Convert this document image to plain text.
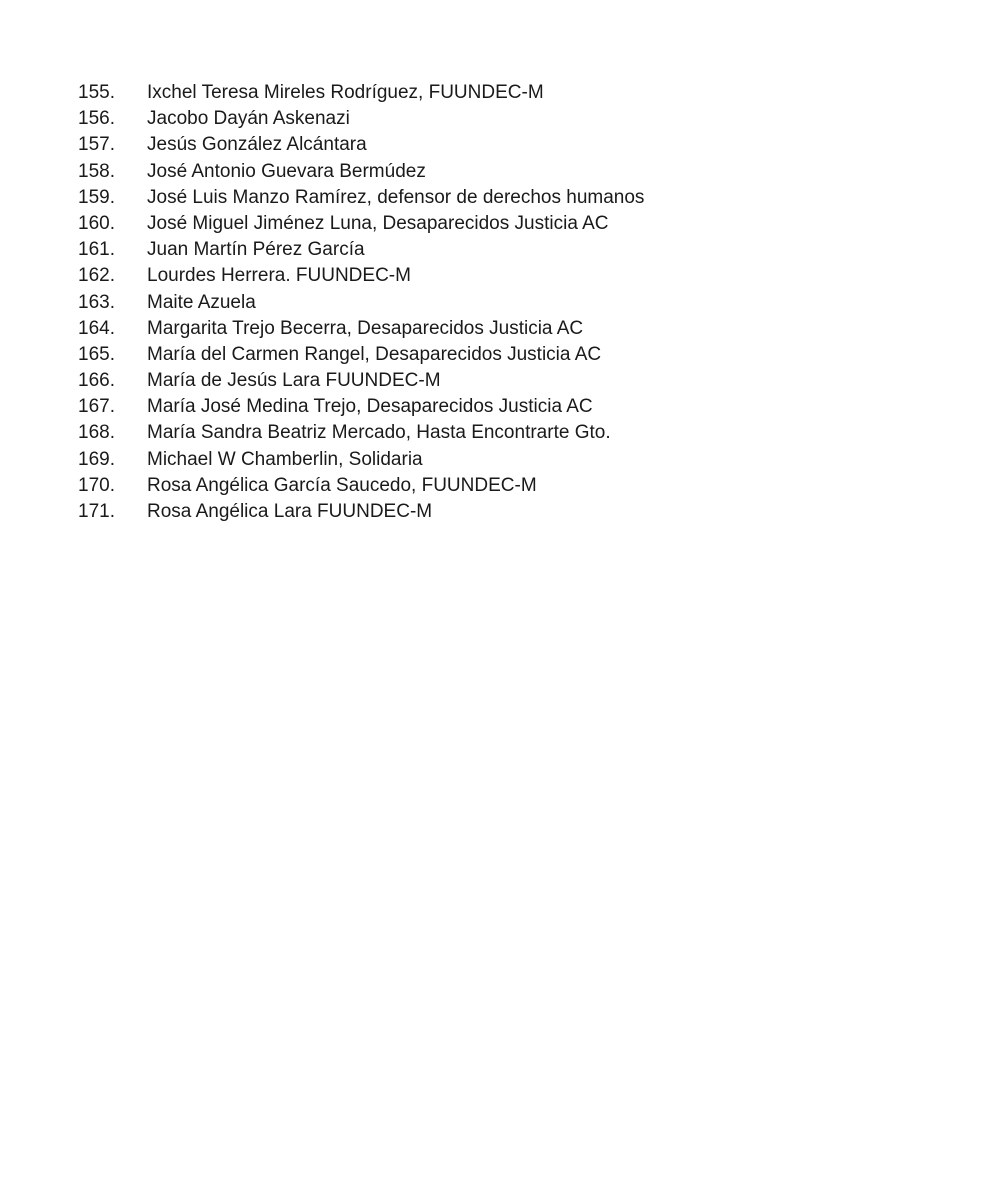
155.	Ixchel Teresa Mireles Rodríguez, FUUNDEC-M
156.	Jacobo Dayán Askenazi
157.	Jesús González Alcántara
158.	José Antonio Guevara Bermúdez
159.	José Luis Manzo Ramírez, defensor de derechos humanos
160.	José Miguel Jiménez Luna, Desaparecidos Justicia AC
161.	Juan Martín Pérez García
162.	Lourdes Herrera. FUUNDEC-M
163.	Maite Azuela
164.	Margarita Trejo Becerra, Desaparecidos Justicia AC
165.	María del Carmen Rangel, Desaparecidos Justicia AC
166.	María de Jesús Lara FUUNDEC-M
167.	María José Medina Trejo, Desaparecidos Justicia AC
168.	María Sandra Beatriz Mercado, Hasta Encontrarte Gto.
169.	Michael W Chamberlin, Solidaria
170.	Rosa Angélica García Saucedo, FUUNDEC-M
171.	Rosa Angélica Lara FUUNDEC-M
